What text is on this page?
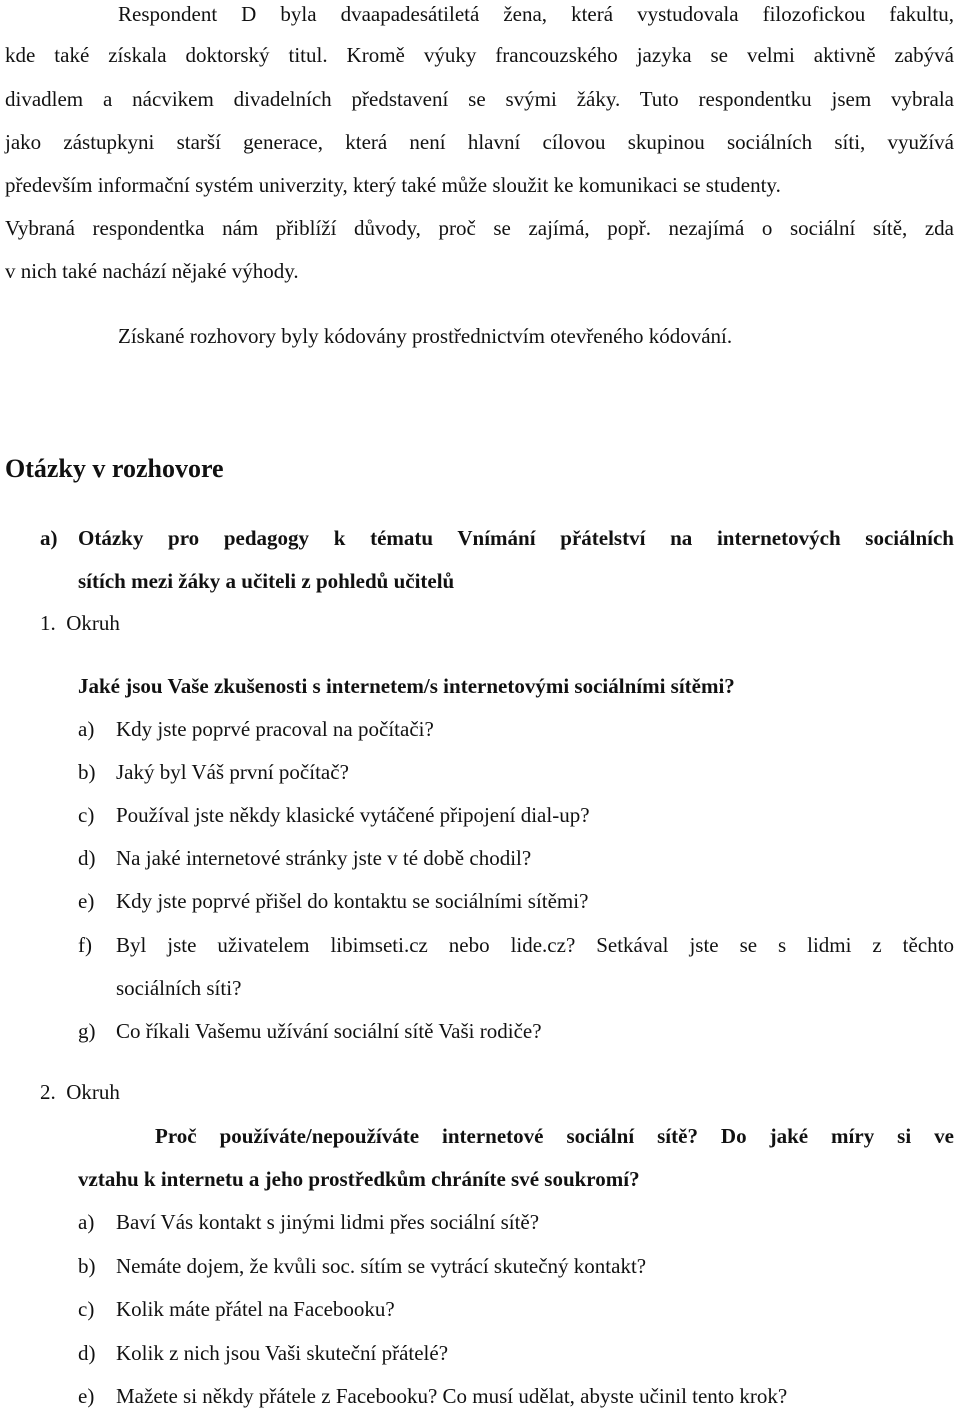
Respondent D byla dvaapadesátiletá žena, která vystudovala filozofickou fakultu,
kde také získala doktorský titul. Kromě výuky francouzského jazyka se velmi aktivně zabývá
divadlem a nácvikem divadelních představení se svými žáky. Tuto respondentku jsem vybrala
jako zástupkyni starší generace, která není hlavní cílovou skupinou sociálních síti, využívá
především informační systém univerzity, který také může sloužit ke komunikaci se studenty.
Vybraná respondentka nám přiblíží důvody, proč se zajímá, popř. nezajímá o sociální sítě, zda
v nich také nachází nějaké výhody.
Získané rozhovory byly kódovány prostřednictvím otevřeného kódování.
Otázky v rozhovore
a) Otázky pro pedagogy k tématu Vnímání přátelství na internetových sociálních
sítích mezi žáky a učiteli z pohledů učitelů
1.  Okruh
Jaké jsou Vaše zkušenosti s internetem/s internetovými sociálními sítěmi?
a) Kdy jste poprvé pracoval na počítači?
b) Jaký byl Váš první počítač?
c) Používal jste někdy klasické vytáčené připojení dial-up?
d) Na jaké internetové stránky jste v té době chodil?
e) Kdy jste poprvé přišel do kontaktu se sociálními sítěmi?
f) Byl jste uživatelem libimseti.cz nebo lide.cz? Setkával jste se s lidmi z těchto
sociálních síti?
g) Co říkali Vašemu užívání sociální sítě Vaši rodiče?
2.  Okruh
Proč používáte/nepoužíváte internetové sociální sítě? Do jaké míry si ve
vztahu k internetu a jeho prostředkům chráníte své soukromí?
a) Baví Vás kontakt s jinými lidmi přes sociální sítě?
b) Nemáte dojem, že kvůli soc. sítím se vytrácí skutečný kontakt?
c) Kolik máte přátel na Facebooku?
d) Kolik z nich jsou Vaši skuteční přátelé?
e) Mažete si někdy přátele z Facebooku? Co musí udělat, abyste učinil tento krok?
